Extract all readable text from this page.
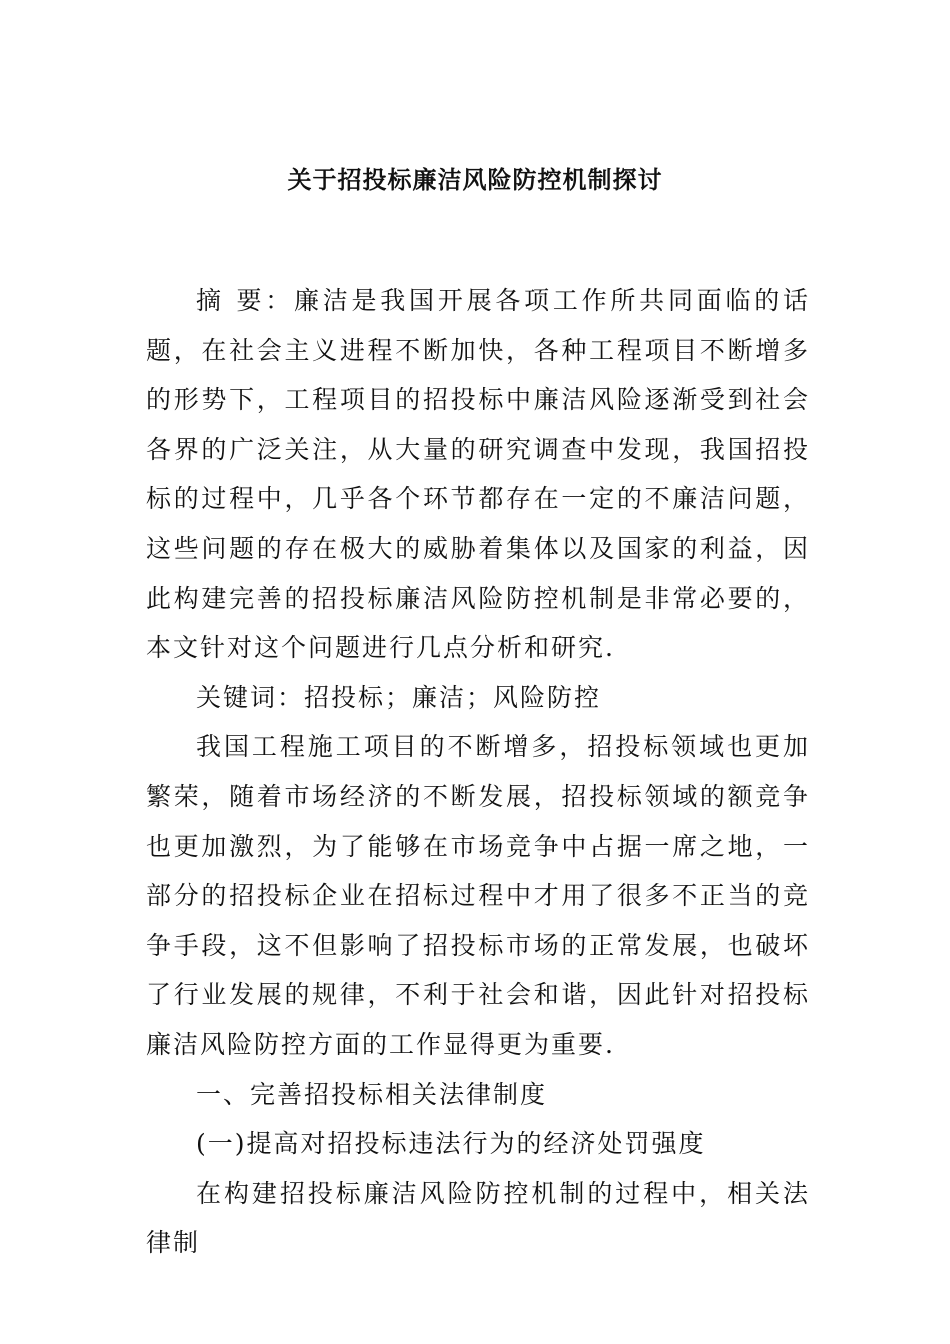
关于招投标廉洁风险防控机制探讨

摘 要：廉洁是我国开展各项工作所共同面临的话题，在社会主义进程不断加快，各种工程项目不断增多的形势下，工程项目的招投标中廉洁风险逐渐受到社会各界的广泛关注，从大量的研究调查中发现，我国招投标的过程中，几乎各个环节都存在一定的不廉洁问题，这些问题的存在极大的威胁着集体以及国家的利益，因此构建完善的招投标廉洁风险防控机制是非常必要的，本文针对这个问题进行几点分析和研究.

关键词：招投标；廉洁；风险防控

我国工程施工项目的不断增多，招投标领域也更加繁荣，随着市场经济的不断发展，招投标领域的额竞争也更加激烈，为了能够在市场竞争中占据一席之地，一部分的招投标企业在招标过程中才用了很多不正当的竞争手段，这不但影响了招投标市场的正常发展，也破坏了行业发展的规律，不利于社会和谐，因此针对招投标廉洁风险防控方面的工作显得更为重要.

一、完善招投标相关法律制度

(一)提高对招投标违法行为的经济处罚强度

在构建招投标廉洁风险防控机制的过程中，相关法律制
